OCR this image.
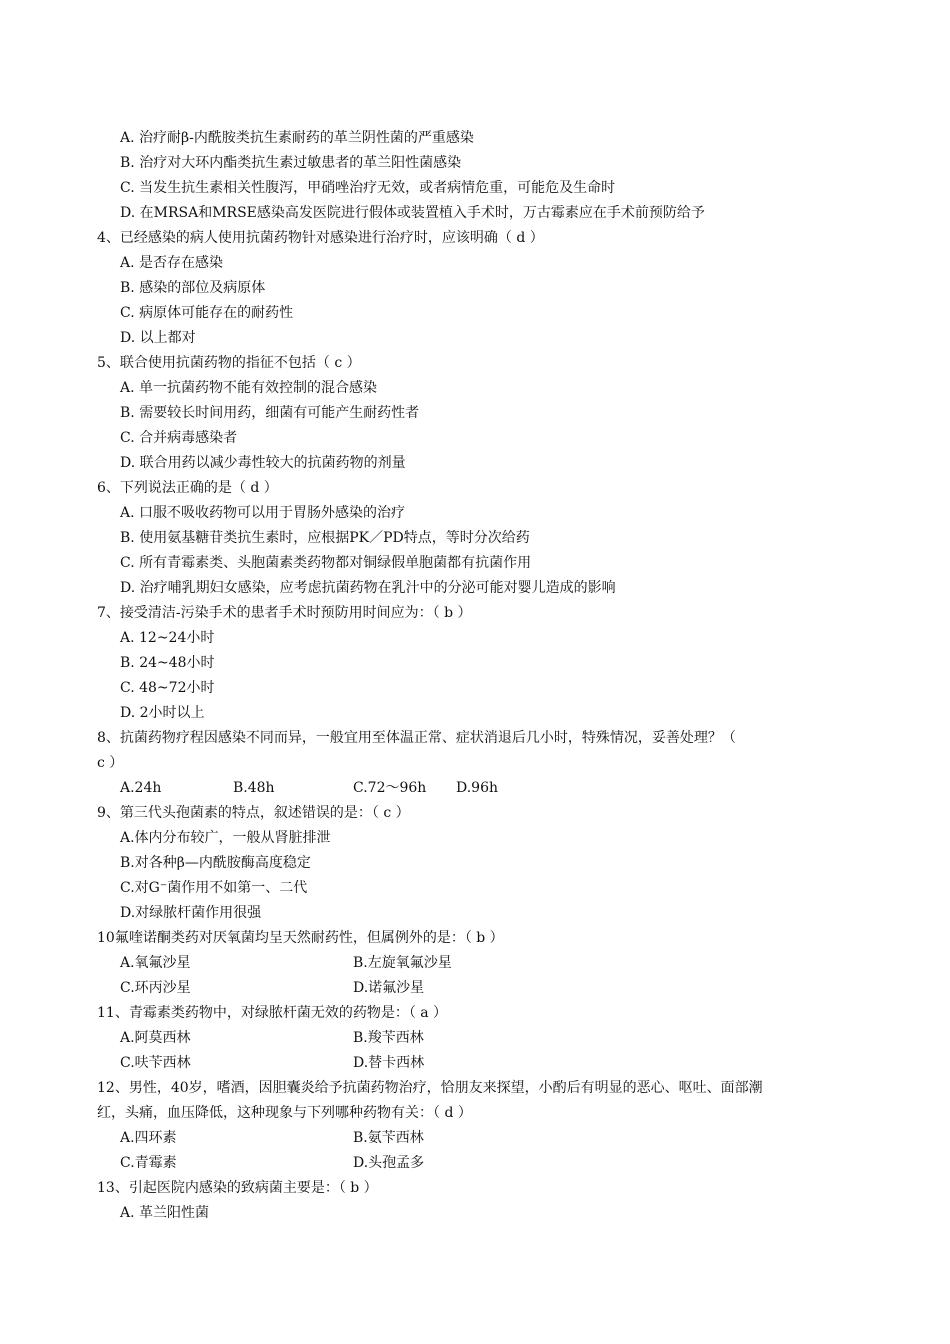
A. 治疗耐β-内酰胺类抗生素耐药的革兰阴性菌的严重感染
B. 治疗对大环内酯类抗生素过敏患者的革兰阳性菌感染
C. 当发生抗生素相关性腹泻，甲硝唑治疗无效，或者病情危重，可能危及生命时
D. 在MRSA和MRSE感染高发医院进行假体或装置植入手术时，万古霉素应在手术前预防给予
4、已经感染的病人使用抗菌药物针对感染进行治疗时，应该明确（ d ）
A. 是否存在感染
B. 感染的部位及病原体
C. 病原体可能存在的耐药性
D. 以上都对
5、联合使用抗菌药物的指征不包括（ c ）
A. 单一抗菌药物不能有效控制的混合感染
B. 需要较长时间用药，细菌有可能产生耐药性者
C. 合并病毒感染者
D. 联合用药以减少毒性较大的抗菌药物的剂量
6、下列说法正确的是（ d ）
A. 口服不吸收药物可以用于胃肠外感染的治疗
B. 使用氨基糖苷类抗生素时，应根据PK／PD特点，等时分次给药
C. 所有青霉素类、头胞菌素类药物都对铜绿假单胞菌都有抗菌作用
D. 治疗哺乳期妇女感染，应考虑抗菌药物在乳汁中的分泌可能对婴儿造成的影响
7、接受清洁-污染手术的患者手术时预防用时间应为：（ b ）
A. 12~24小时
B. 24~48小时
C. 48~72小时
D. 2小时以上
8、抗菌药物疗程因感染不同而异，一般宜用至体温正常、症状消退后几小时，特殊情况，妥善处理？（
c ）
A.24h	B.48h	C.72～96h D.96h
9、第三代头孢菌素的特点，叙述错误的是：（ c ）
A.体内分布较广，一般从肾脏排泄
B.对各种β—内酰胺酶高度稳定
C.对G⁻菌作用不如第一、二代
D.对绿脓杆菌作用很强
10氟喹诺酮类药对厌氧菌均呈天然耐药性，但属例外的是：（ b ）
A.氧氟沙星	B.左旋氧氟沙星
C.环丙沙星	D.诺氟沙星
11、青霉素类药物中，对绿脓杆菌无效的药物是：（ a ）
A.阿莫西林	B.羧苄西林
C.呋苄西林	D.替卡西林
12、男性，40岁，嗜酒，因胆囊炎给予抗菌药物治疗，恰朋友来探望，小酌后有明显的恶心、呕吐、面部潮
红，头痛，血压降低，这种现象与下列哪种药物有关：（ d ）
A.四环素	B.氨苄西林
C.青霉素	D.头孢孟多
13、引起医院内感染的致病菌主要是：（ b ）
A. 革兰阳性菌
